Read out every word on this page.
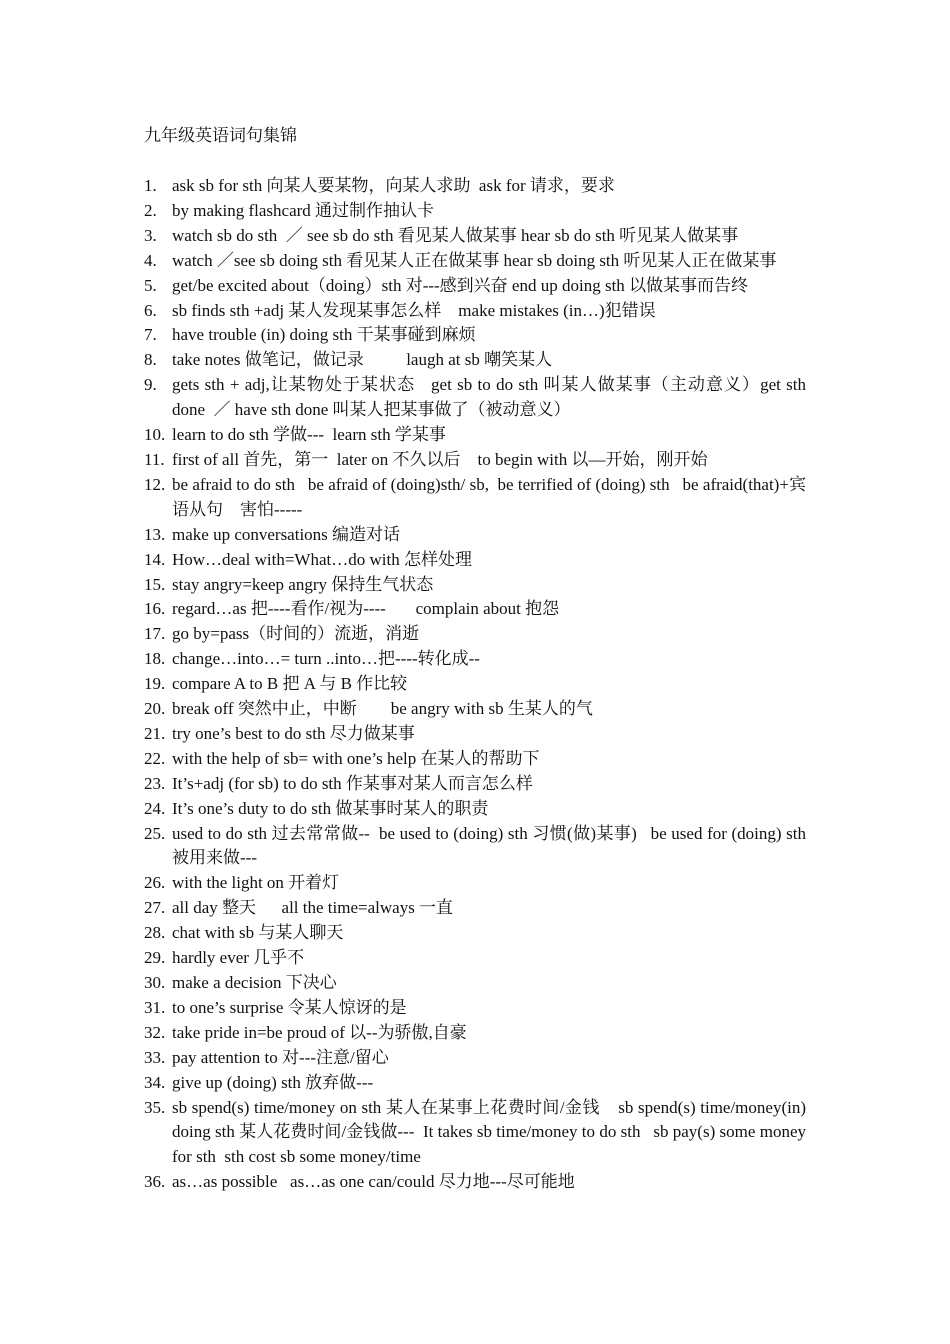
九年级英语词句集锦
1. ask sb for sth 向某人要某物，向某人求助  ask for 请求，要求
2. by making flashcard 通过制作抽认卡
3. watch sb do sth  ／ see sb do sth 看见某人做某事 hear sb do sth 听见某人做某事
4. watch ／see sb doing sth 看见某人正在做某事 hear sb doing sth 听见某人正在做某事
5. get/be excited about（doing）sth 对---感到兴奋 end up doing sth 以做某事而告终
6. sb finds sth +adj 某人发现某事怎么样    make mistakes (in…)犯错误
7. have trouble (in) doing sth 干某事碰到麻烦
8. take notes 做笔记，做记录          laugh at sb 嘲笑某人
9. gets sth + adj,让某物处于某状态   get sb to do sth 叫某人做某事（主动意义）get sth done  ／ have sth done 叫某人把某事做了（被动意义）
10. learn to do sth 学做---  learn sth 学某事
11. first of all 首先，第一  later on 不久以后    to begin with 以—开始，刚开始
12. be afraid to do sth   be afraid of (doing)sth/ sb,  be terrified of (doing) sth   be afraid(that)+宾语从句    害怕-----
13. make up conversations 编造对话
14. How…deal with=What…do with 怎样处理
15. stay angry=keep angry 保持生气状态
16. regard…as 把----看作/视为----       complain about 抱怨
17. go by=pass（时间的）流逝，消逝
18. change…into…= turn ..into…把----转化成--
19. compare A to B 把 A 与 B 作比较
20. break off 突然中止，中断        be angry with sb 生某人的气
21. try one’s best to do sth 尽力做某事
22. with the help of sb= with one’s help 在某人的帮助下
23. It’s+adj (for sb) to do sth 作某事对某人而言怎么样
24. It’s one’s duty to do sth 做某事时某人的职责
25. used to do sth 过去常常做--  be used to (doing) sth 习惯(做)某事)   be used for (doing) sth 被用来做---
26. with the light on 开着灯
27. all day 整天      all the time=always 一直
28. chat with sb 与某人聊天
29. hardly ever 几乎不
30. make a decision 下决心
31. to one’s surprise 令某人惊讶的是
32. take pride in=be proud of 以--为骄傲,自豪
33. pay attention to 对---注意/留心
34. give up (doing) sth 放弃做---
35. sb spend(s) time/money on sth 某人在某事上花费时间/金钱    sb spend(s) time/money(in) doing sth 某人花费时间/金钱做---  It takes sb time/money to do sth   sb pay(s) some money for sth  sth cost sb some money/time
36. as…as possible   as…as one can/could 尽力地---尽可能地
